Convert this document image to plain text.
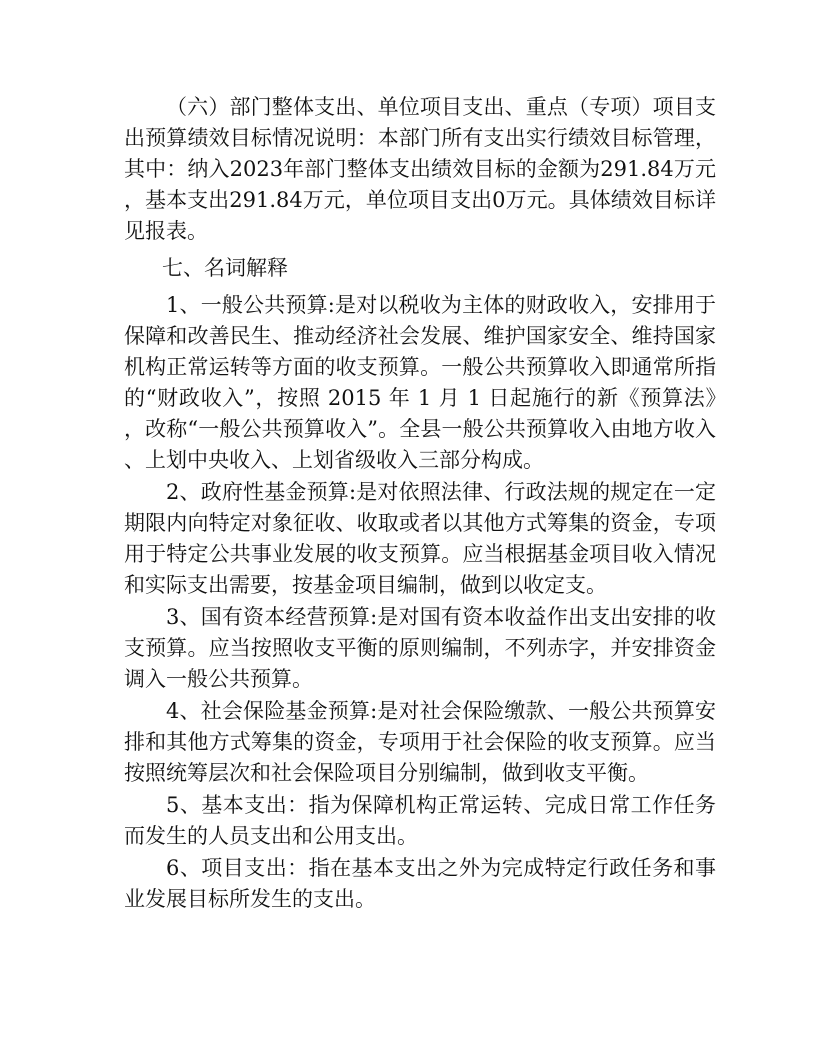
（六）部门整体支出、单位项目支出、重点（专项）项目支出预算绩效目标情况说明：本部门所有支出实行绩效目标管理，其中：纳入2023年部门整体支出绩效目标的金额为291.84万元，基本支出291.84万元，单位项目支出0万元。具体绩效目标详见报表。

七、名词解释

1、一般公共预算:是对以税收为主体的财政收入，安排用于保障和改善民生、推动经济社会发展、维护国家安全、维持国家机构正常运转等方面的收支预算。一般公共预算收入即通常所指的“财政收入”，按照 2015 年 1 月 1 日起施行的新《预算法》，改称“一般公共预算收入”。全县一般公共预算收入由地方收入、上划中央收入、上划省级收入三部分构成。

2、政府性基金预算:是对依照法律、行政法规的规定在一定期限内向特定对象征收、收取或者以其他方式筹集的资金，专项用于特定公共事业发展的收支预算。应当根据基金项目收入情况和实际支出需要，按基金项目编制，做到以收定支。

3、国有资本经营预算:是对国有资本收益作出支出安排的收支预算。应当按照收支平衡的原则编制，不列赤字，并安排资金调入一般公共预算。

4、社会保险基金预算:是对社会保险缴款、一般公共预算安排和其他方式筹集的资金，专项用于社会保险的收支预算。应当按照统筹层次和社会保险项目分别编制，做到收支平衡。

5、基本支出：指为保障机构正常运转、完成日常工作任务而发生的人员支出和公用支出。

6、项目支出：指在基本支出之外为完成特定行政任务和事业发展目标所发生的支出。
